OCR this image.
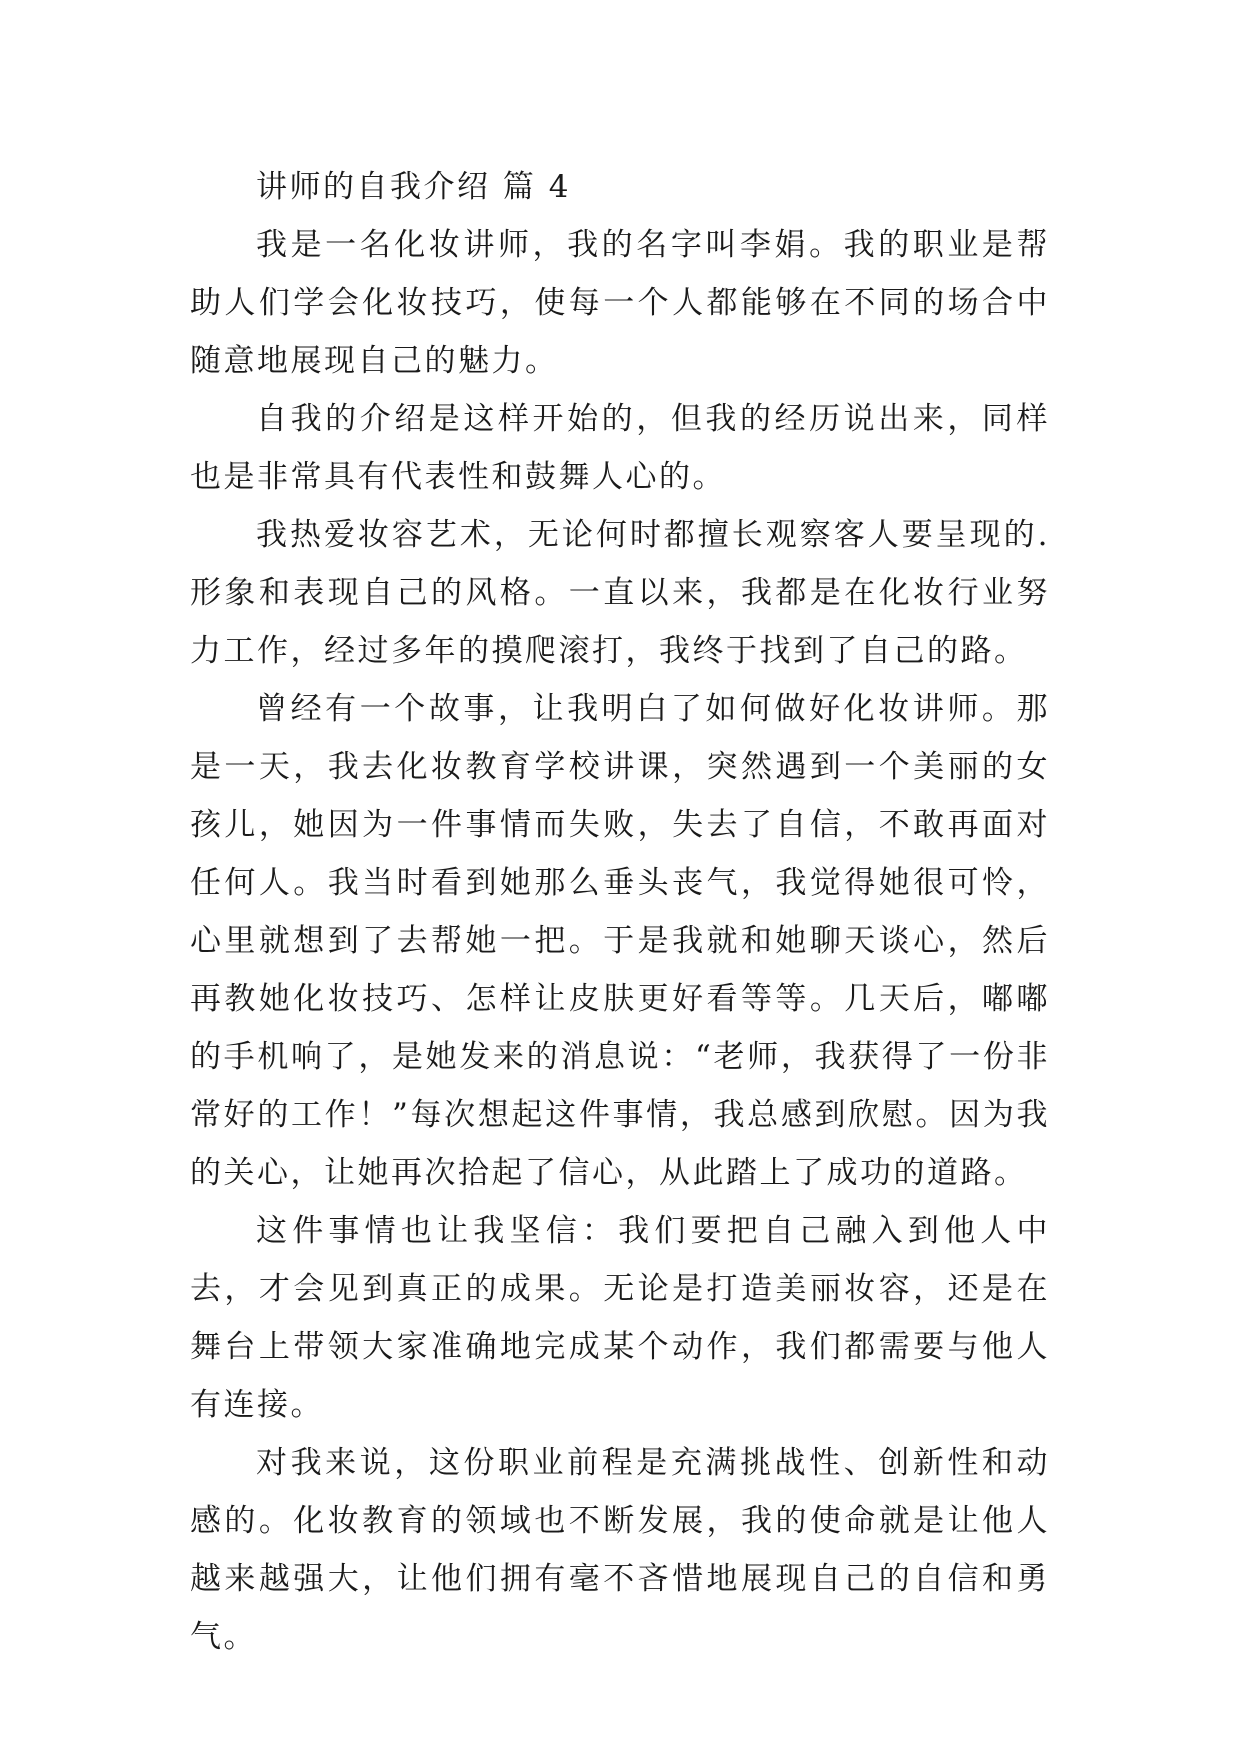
讲师的自我介绍 篇 4

我是一名化妆讲师，我的名字叫李娟。我的职业是帮助人们学会化妆技巧，使每一个人都能够在不同的场合中随意地展现自己的魅力。

自我的介绍是这样开始的，但我的经历说出来，同样也是非常具有代表性和鼓舞人心的。

我热爱妆容艺术，无论何时都擅长观察客人要呈现的.形象和表现自己的风格。一直以来，我都是在化妆行业努力工作，经过多年的摸爬滚打，我终于找到了自己的路。

曾经有一个故事，让我明白了如何做好化妆讲师。那是一天，我去化妆教育学校讲课，突然遇到一个美丽的女孩儿，她因为一件事情而失败，失去了自信，不敢再面对任何人。我当时看到她那么垂头丧气，我觉得她很可怜，心里就想到了去帮她一把。于是我就和她聊天谈心，然后再教她化妆技巧、怎样让皮肤更好看等等。几天后，嘟嘟的手机响了，是她发来的消息说：“老师，我获得了一份非常好的工作！”每次想起这件事情，我总感到欣慰。因为我的关心，让她再次拾起了信心，从此踏上了成功的道路。

这件事情也让我坚信：我们要把自己融入到他人中去，才会见到真正的成果。无论是打造美丽妆容，还是在舞台上带领大家准确地完成某个动作，我们都需要与他人有连接。

对我来说，这份职业前程是充满挑战性、创新性和动感的。化妆教育的领域也不断发展，我的使命就是让他人越来越强大，让他们拥有毫不吝惜地展现自己的自信和勇气。
